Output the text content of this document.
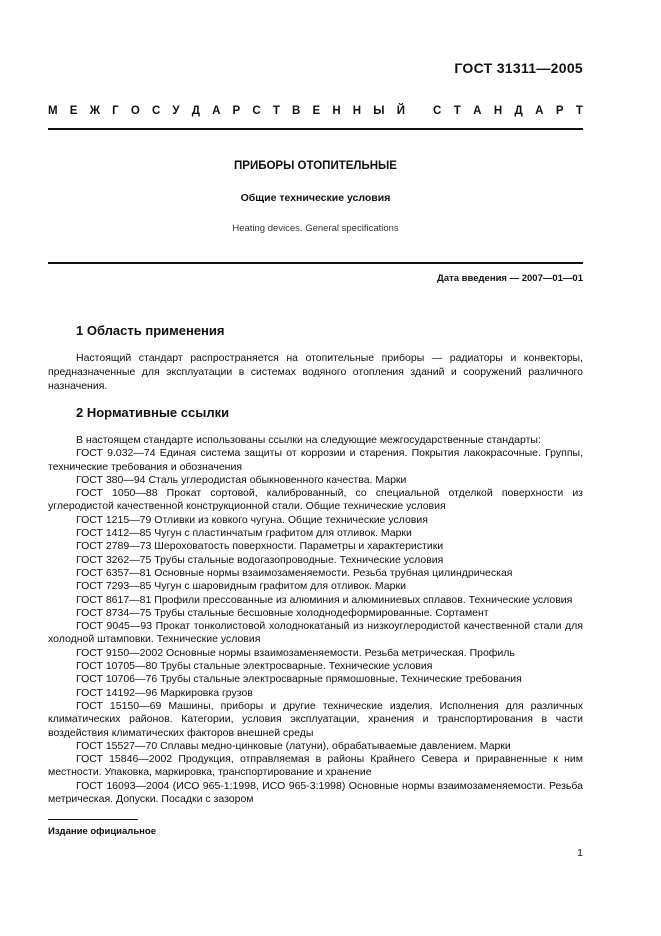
ГОСТ 31311—2005
М Е Ж Г О С У Д А Р С Т В Е Н Н Ы Й С Т А Н Д А Р Т
ПРИБОРЫ ОТОПИТЕЛЬНЫЕ
Общие технические условия
Heating devices. General specifications
Дата введения — 2007—01—01
1 Область применения
Настоящий стандарт распространяется на отопительные приборы — радиаторы и конвекторы, предназначенные для эксплуатации в системах водяного отопления зданий и сооружений различного назначения.
2 Нормативные ссылки

В настоящем стандарте использованы ссылки на следующие межгосударственные стандарты:

ГОСТ 9.032—74 Единая система защиты от коррозии и старения. Покрытия лакокрасочные. Группы, технические требования и обозначения

ГОСТ 380—94 Сталь углеродистая обыкновенного качества. Марки

ГОСТ 1050—88 Прокат сортовой, калиброванный, со специальной отделкой поверхности из углеродистой качественной конструкционной стали. Общие технические условия

ГОСТ 1215—79 Отливки из ковкого чугуна. Общие технические условия

ГОСТ 1412—85 Чугун с пластинчатым графитом для отливок. Марки

ГОСТ 2789—73 Шероховатость поверхности. Параметры и характеристики

ГОСТ 3262—75 Трубы стальные водогазопроводные. Технические условия

ГОСТ 6357—81 Основные нормы взаимозаменяемости. Резьба трубная цилиндрическая

ГОСТ 7293—85 Чугун с шаровидным графитом для отливок. Марки

ГОСТ 8617—81 Профили прессованные из алюминия и алюминиевых сплавов. Технические условия

ГОСТ 8734—75 Трубы стальные бесшовные холоднодеформированные. Сортамент

ГОСТ 9045—93 Прокат тонколистовой холоднокатаный из низкоуглеродистой качественной стали для холодной штамповки. Технические условия

ГОСТ 9150—2002 Основные нормы взаимозаменяемости. Резьба метрическая. Профиль

ГОСТ 10705—80 Трубы стальные электросварные. Технические условия

ГОСТ 10706—76 Трубы стальные электросварные прямошовные. Технические требования

ГОСТ 14192—96 Маркировка грузов

ГОСТ 15150—69 Машины, приборы и другие технические изделия. Исполнения для различных климатических районов. Категории, условия эксплуатации, хранения и транспортирования в части воздействия климатических факторов внешней среды

ГОСТ 15527—70 Сплавы медно-цинковые (латуни), обрабатываемые давлением. Марки

ГОСТ 15846—2002 Продукция, отправляемая в районы Крайнего Севера и приравненные к ним местности. Упаковка, маркировка, транспортирование и хранение

ГОСТ 16093—2004 (ИСО 965-1:1998, ИСО 965-3:1998) Основные нормы взаимозаменяемости. Резьба метрическая. Допуски. Посадки с зазором

Издание официальное
1
